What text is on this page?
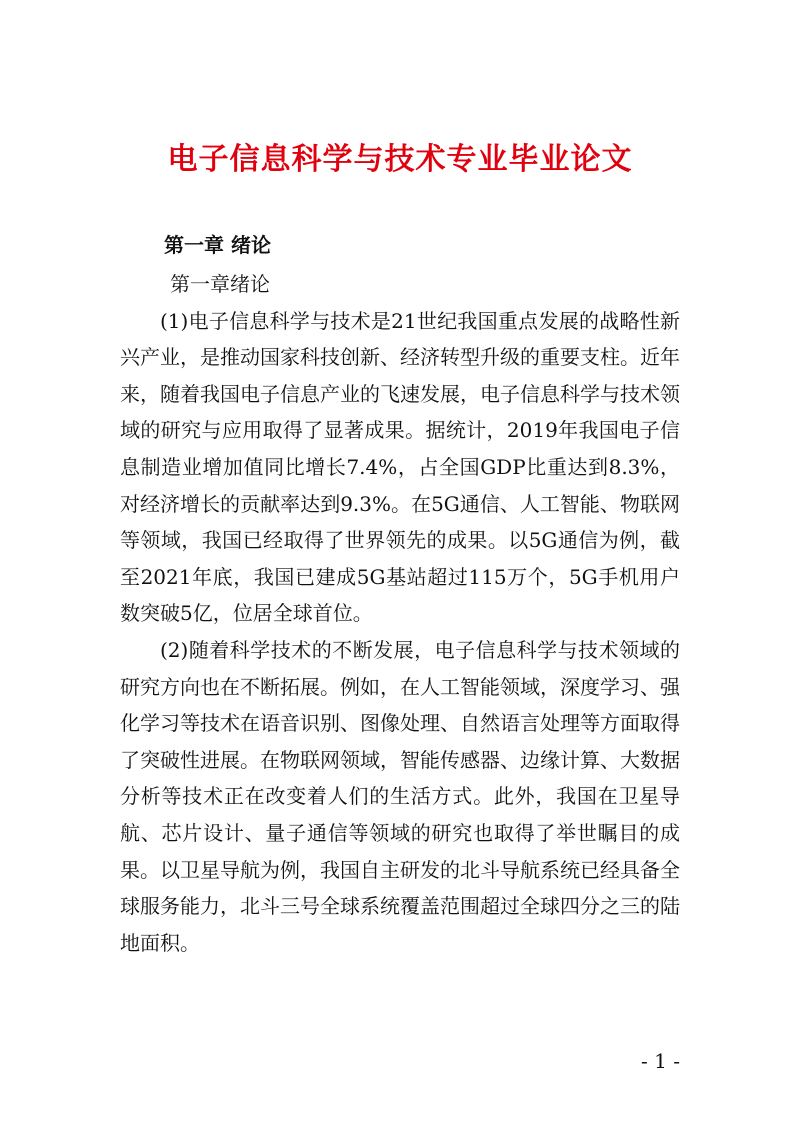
电子信息科学与技术专业毕业论文
第一章 绪论

第一章绪论

(1)电子信息科学与技术是21世纪我国重点发展的战略性新兴产业，是推动国家科技创新、经济转型升级的重要支柱。近年来，随着我国电子信息产业的飞速发展，电子信息科学与技术领域的研究与应用取得了显著成果。据统计，2019年我国电子信息制造业增加值同比增长7.4%，占全国GDP比重达到8.3%，对经济增长的贡献率达到9.3%。在5G通信、人工智能、物联网等领域，我国已经取得了世界领先的成果。以5G通信为例，截至2021年底，我国已建成5G基站超过115万个，5G手机用户数突破5亿，位居全球首位。

(2)随着科学技术的不断发展，电子信息科学与技术领域的研究方向也在不断拓展。例如，在人工智能领域，深度学习、强化学习等技术在语音识别、图像处理、自然语言处理等方面取得了突破性进展。在物联网领域，智能传感器、边缘计算、大数据分析等技术正在改变着人们的生活方式。此外，我国在卫星导航、芯片设计、量子通信等领域的研究也取得了举世瞩目的成果。以卫星导航为例，我国自主研发的北斗导航系统已经具备全球服务能力，北斗三号全球系统覆盖范围超过全球四分之三的陆地面积。

- 1 -
